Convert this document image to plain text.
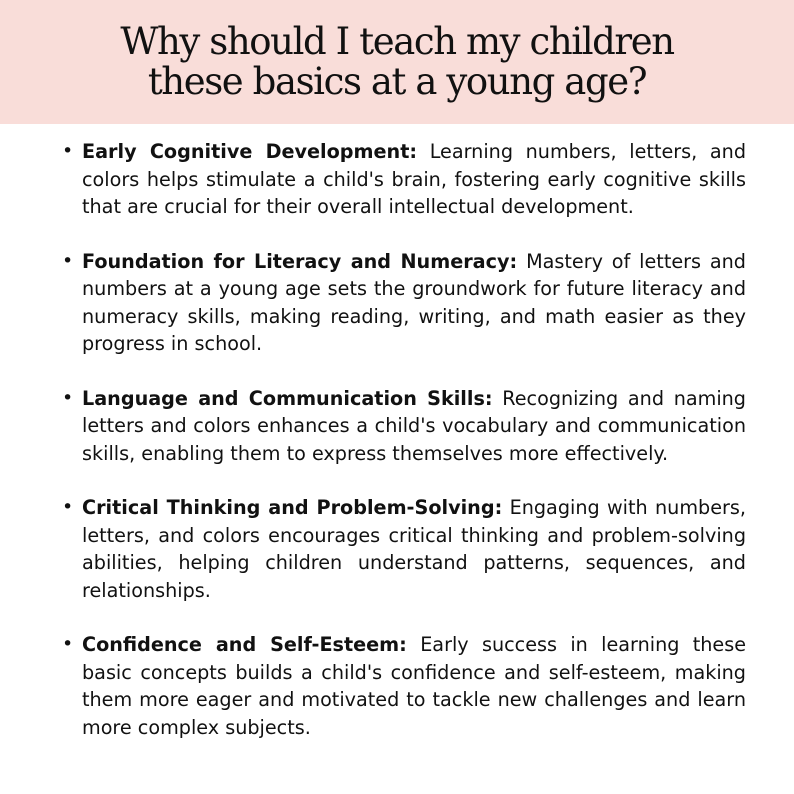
Why should I teach my children
these basics at a young age?
• Early Cognitive Development: Learning numbers, letters, and colors helps stimulate a child's brain, fostering early cognitive skills that are crucial for their overall intellectual development.
• Foundation for Literacy and Numeracy: Mastery of letters and numbers at a young age sets the groundwork for future literacy and numeracy skills, making reading, writing, and math easier as they progress in school.
• Language and Communication Skills: Recognizing and naming letters and colors enhances a child's vocabulary and communication skills, enabling them to express themselves more effectively.
• Critical Thinking and Problem-Solving: Engaging with numbers, letters, and colors encourages critical thinking and problem-solving abilities, helping children understand patterns, sequences, and relationships.
• Confidence and Self-Esteem: Early success in learning these basic concepts builds a child's confidence and self-esteem, making them more eager and motivated to tackle new challenges and learn more complex subjects.
